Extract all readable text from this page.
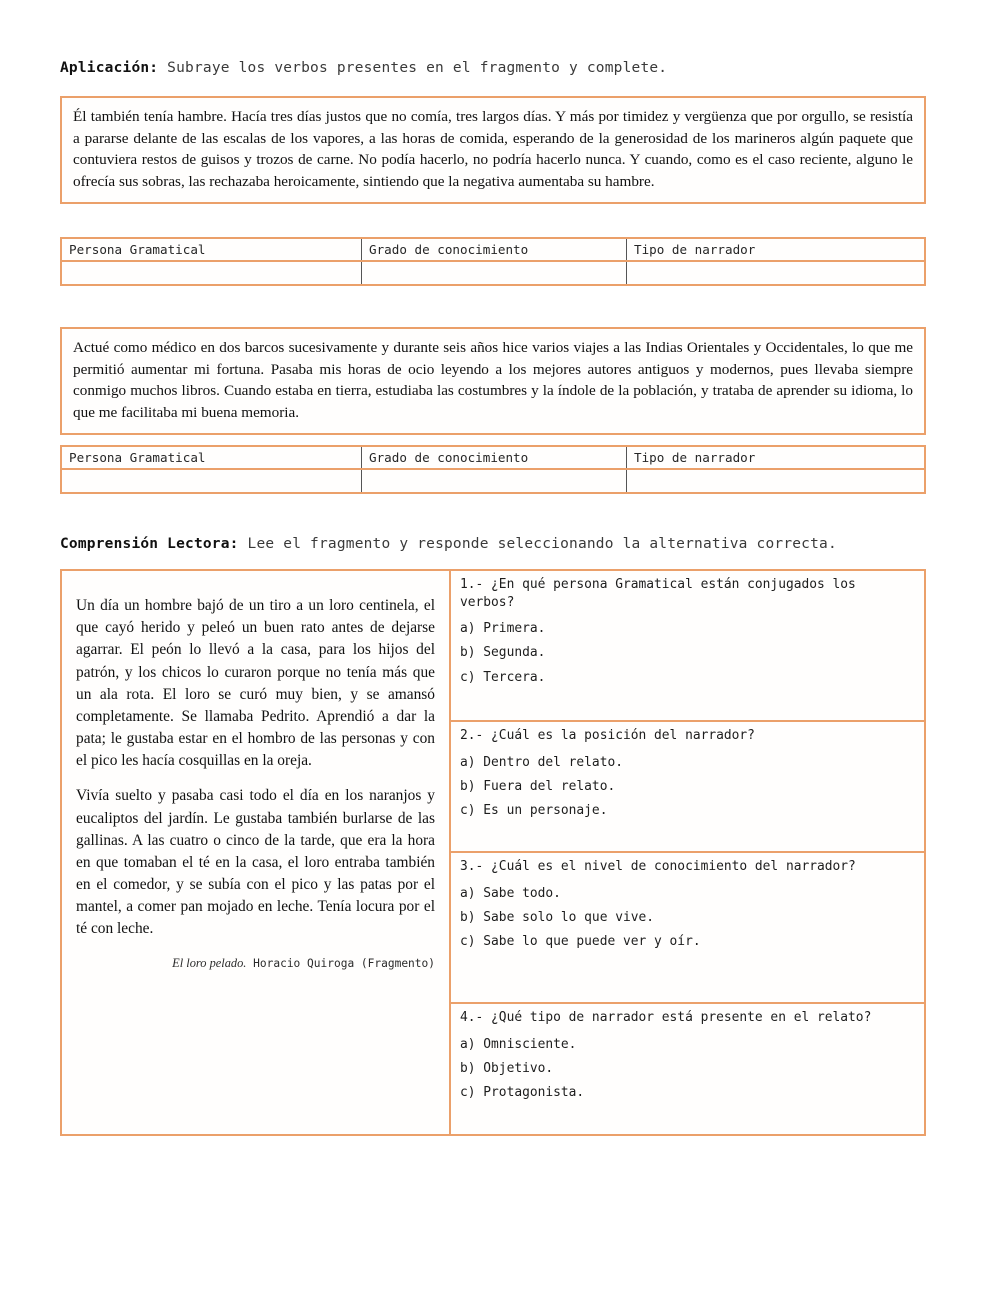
Aplicación: Subraye los verbos presentes en el fragmento y complete.
Él también tenía hambre. Hacía tres días justos que no comía, tres largos días. Y más por timidez y vergüenza que por orgullo, se resistía a pararse delante de las escalas de los vapores, a las horas de comida, esperando de la generosidad de los marineros algún paquete que contuviera restos de guisos y trozos de carne. No podía hacerlo, no podría hacerlo nunca. Y cuando, como es el caso reciente, alguno le ofrecía sus sobras, las rechazaba heroicamente, sintiendo que la negativa aumentaba su hambre.
Persona Gramatical	Grado de conocimiento	Tipo de narrador
Actué como médico en dos barcos sucesivamente y durante seis años hice varios viajes a las Indias Orientales y Occidentales, lo que me permitió aumentar mi fortuna. Pasaba mis horas de ocio leyendo a los mejores autores antiguos y modernos, pues llevaba siempre conmigo muchos libros. Cuando estaba en tierra, estudiaba las costumbres y la índole de la población, y trataba de aprender su idioma, lo que me facilitaba mi buena memoria.
Persona Gramatical	Grado de conocimiento	Tipo de narrador
Comprensión Lectora: Lee el fragmento y responde seleccionando la alternativa correcta.

Un día un hombre bajó de un tiro a un loro centinela, el que cayó herido y peleó un buen rato antes de dejarse agarrar. El peón lo llevó a la casa, para los hijos del patrón, y los chicos lo curaron porque no tenía más que un ala rota. El loro se curó muy bien, y se amansó completamente. Se llamaba Pedrito. Aprendió a dar la pata; le gustaba estar en el hombro de las personas y con el pico les hacía cosquillas en la oreja.

Vivía suelto y pasaba casi todo el día en los naranjos y eucaliptos del jardín. Le gustaba también burlarse de las gallinas. A las cuatro o cinco de la tarde, que era la hora en que tomaban el té en la casa, el loro entraba también en el comedor, y se subía con el pico y las patas por el mantel, a comer pan mojado en leche. Tenía locura por el té con leche.

El loro pelado. Horacio Quiroga (Fragmento)
1.- ¿En qué persona Gramatical están conjugados los verbos?
a) Primera.
b) Segunda.
c) Tercera.
2.- ¿Cuál es la posición del narrador?
a) Dentro del relato.
b) Fuera del relato.
c) Es un personaje.
3.- ¿Cuál es el nivel de conocimiento del narrador?
a) Sabe todo.
b) Sabe solo lo que vive.
c) Sabe lo que puede ver y oír.
4.- ¿Qué tipo de narrador está presente en el relato?
a) Omnisciente.
b) Objetivo.
c) Protagonista.
